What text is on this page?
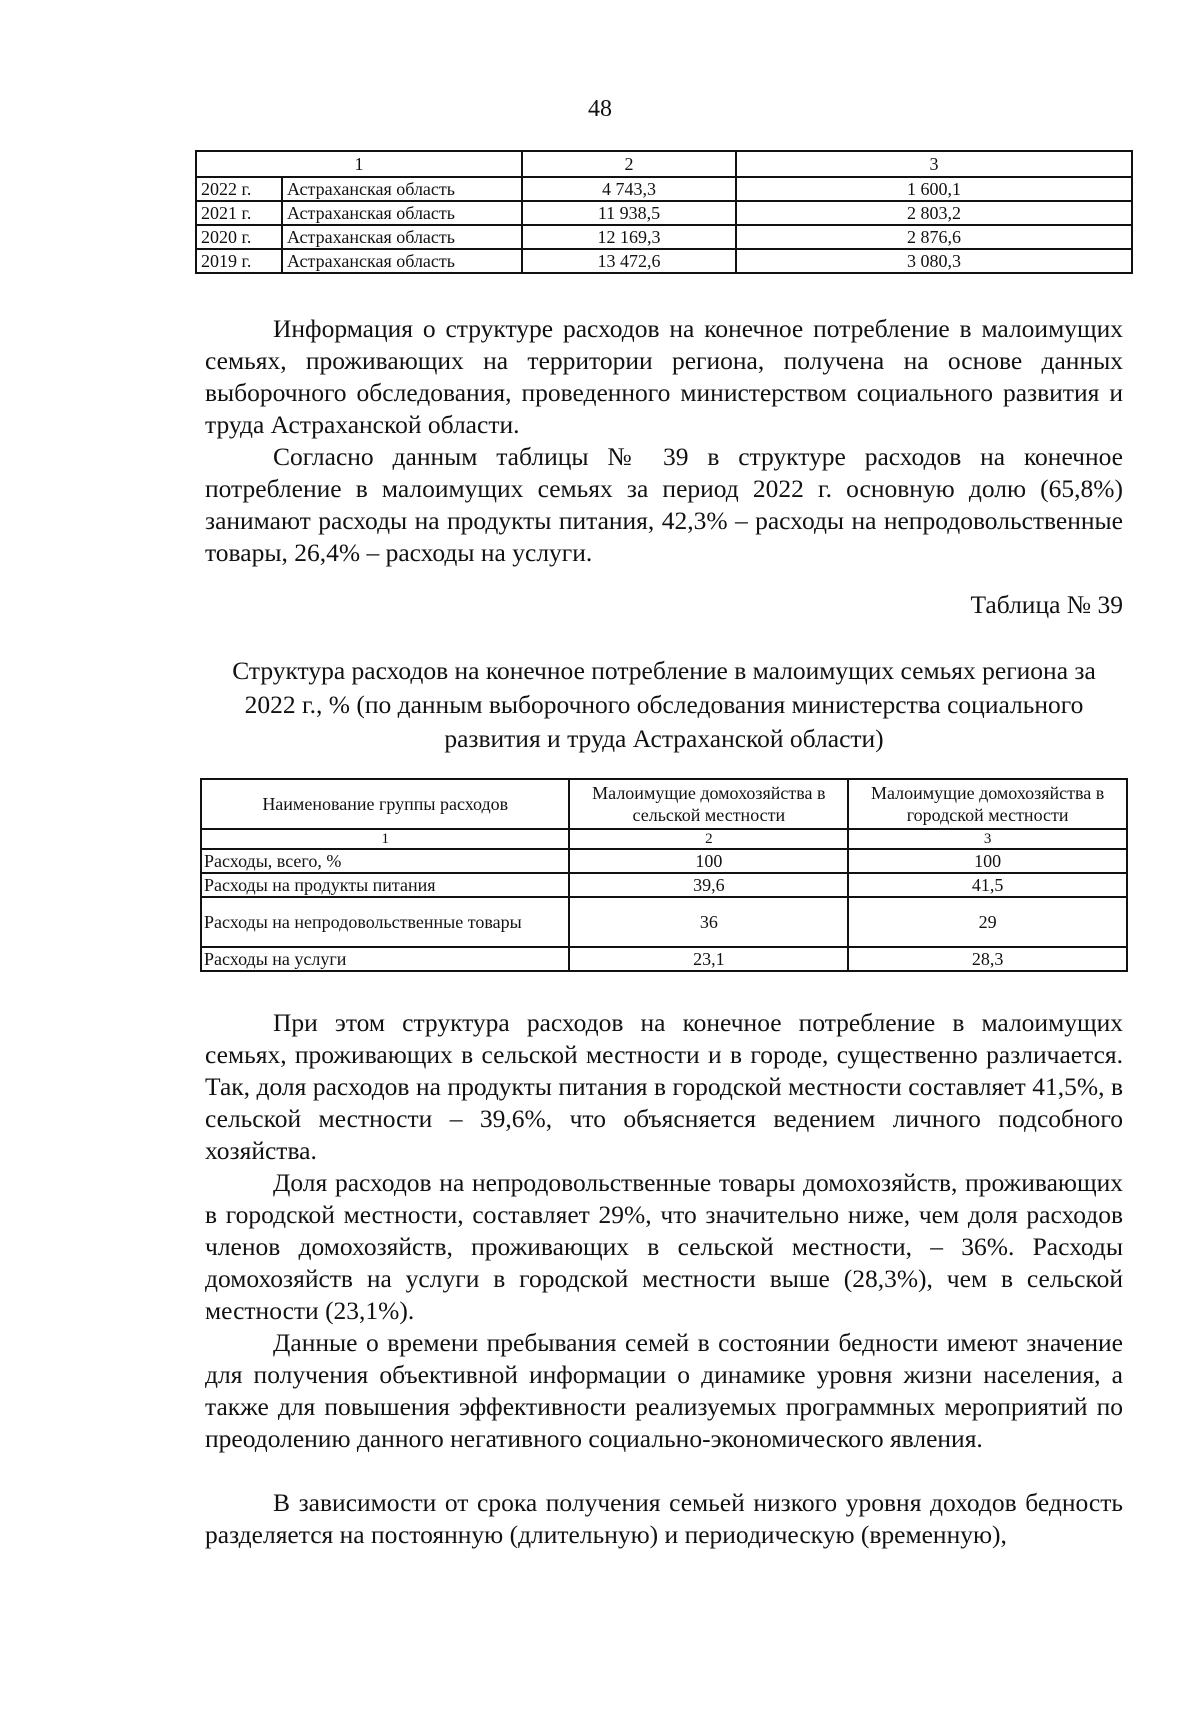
48
1		2	3
2022 г.	Астраханская область	4 743,3	1 600,1
2021 г.	Астраханская область	11 938,5	2 803,2
2020 г.	Астраханская область	12 169,3	2 876,6
2019 г.	Астраханская область	13 472,6	3 080,3

Информация о структуре расходов на конечное потребление в малоимущих семьях, проживающих на территории региона, получена на основе данных выборочного обследования, проведенного министерством социального развития и труда Астраханской области.

Согласно данным таблицы № 39 в структуре расходов на конечное потребление в малоимущих семьях за период 2022 г. основную долю (65,8%) занимают расходы на продукты питания, 42,3% – расходы на непродовольственные товары, 26,4% – расходы на услуги.

Таблица № 39

Структура расходов на конечное потребление в малоимущих семьях региона за 2022 г., % (по данным выборочного обследования министерства социального развития и труда Астраханской области)

Наименование группы расходов	Малоимущие домохозяйства в сельской местности	Малоимущие домохозяйства в городской местности
1	2	3
Расходы, всего, %	100	100
Расходы на продукты питания	39,6	41,5
Расходы на непродовольственные товары	36	29
Расходы на услуги	23,1	28,3

При этом структура расходов на конечное потребление в малоимущих семьях, проживающих в сельской местности и в городе, существенно различается. Так, доля расходов на продукты питания в городской местности составляет 41,5%, в сельской местности – 39,6%, что объясняется ведением личного подсобного хозяйства.

Доля расходов на непродовольственные товары домохозяйств, проживающих в городской местности, составляет 29%, что значительно ниже, чем доля расходов членов домохозяйств, проживающих в сельской местности, – 36%. Расходы домохозяйств на услуги в городской местности выше (28,3%), чем в сельской местности (23,1%).

Данные о времени пребывания семей в состоянии бедности имеют значение для получения объективной информации о динамике уровня жизни населения, а также для повышения эффективности реализуемых программных мероприятий по преодолению данного негативного социально-экономического явления.

В зависимости от срока получения семьей низкого уровня доходов бедность разделяется на постоянную (длительную) и периодическую (временную),
